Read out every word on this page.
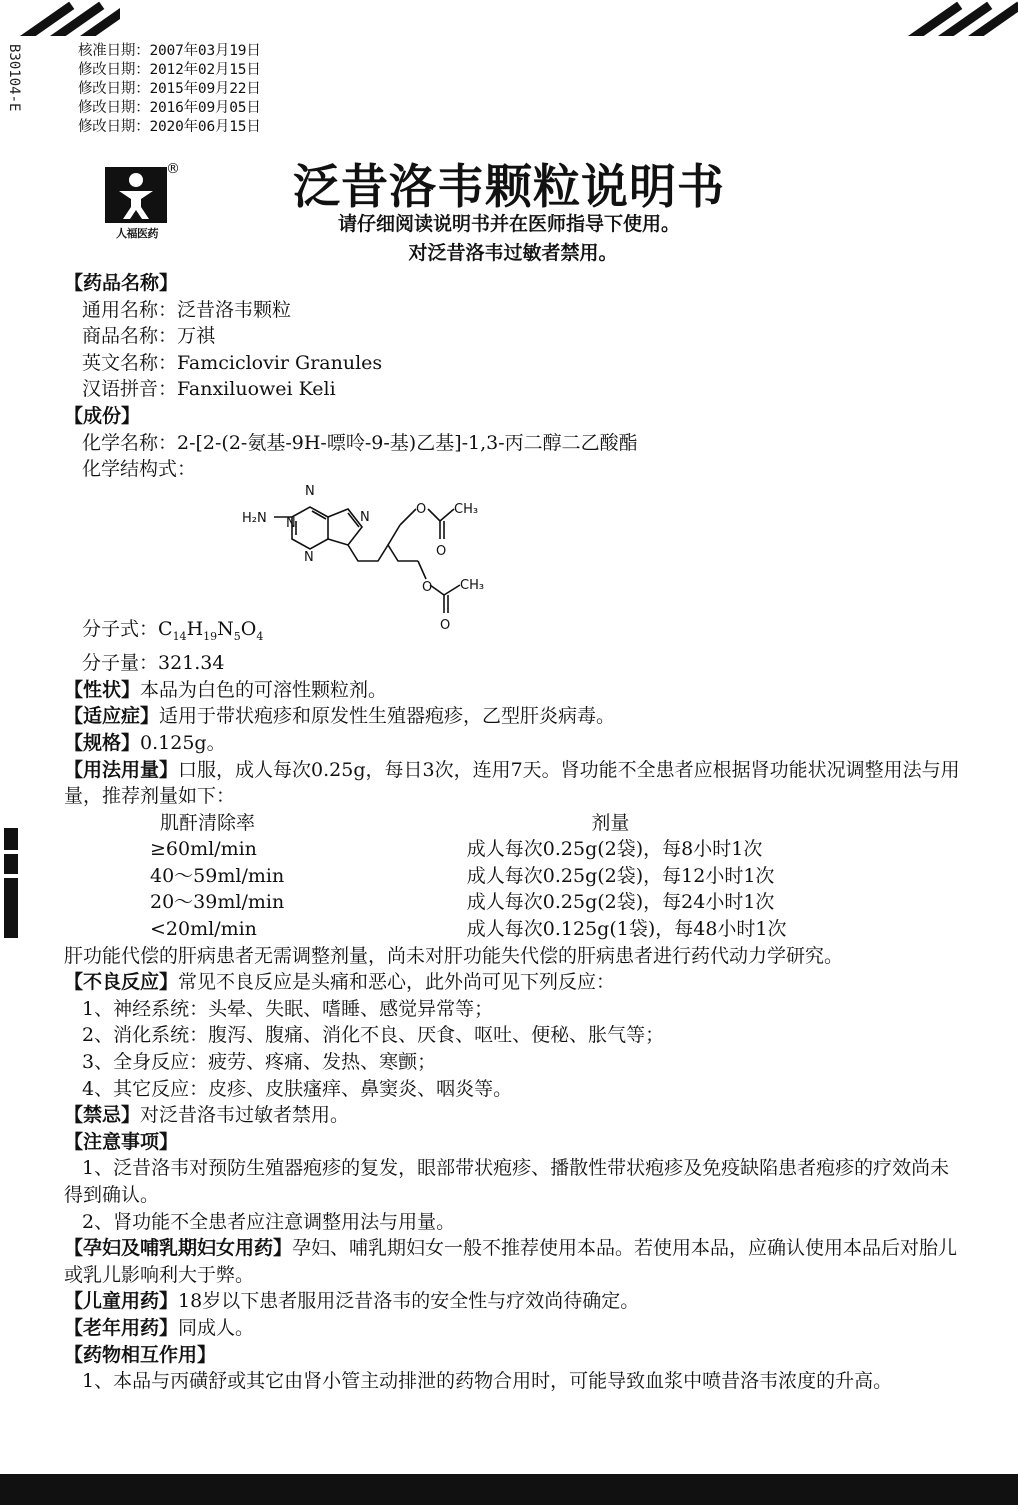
B30104-E	核准日期：2007年03月19日
修改日期：2012年02月15日
修改日期：2015年09月22日
修改日期：2016年09月05日
修改日期：2020年06月15日
人福医药
®	泛昔洛韦颗粒说明书
请仔细阅读说明书并在医师指导下使用。
对泛昔洛韦过敏者禁用。
【药品名称】
通用名称：泛昔洛韦颗粒
商品名称：万祺
英文名称：Famciclovir Granules
汉语拼音：Fanxiluowei Keli
【成份】
化学名称：2-[2-(2-氨基-9H-嘌呤-9-基)乙基]-1,3-丙二醇二乙酸酯
化学结构式：
分子式：$C_{14}H_{19}N_5O_4$
分子量：321.34
【性状】本品为白色的可溶性颗粒剂。
【适应症】适用于带状疱疹和原发性生殖器疱疹，乙型肝炎病毒。
【规格】0.125g。
【用法用量】口服，成人每次0.25g，每日3次，连用7天。肾功能不全患者应根据肾功能状况调整用法与用量，推荐剂量如下：
肌酐清除率	剂量
≥60ml/min	成人每次0.25g(2袋)，每8小时1次
40～59ml/min	成人每次0.25g(2袋)，每12小时1次
20～39ml/min	成人每次0.25g(2袋)，每24小时1次
<20ml/min	成人每次0.125g(1袋)，每48小时1次
肝功能代偿的肝病患者无需调整剂量，尚未对肝功能失代偿的肝病患者进行药代动力学研究。
【不良反应】常见不良反应是头痛和恶心，此外尚可见下列反应：
1、神经系统：头晕、失眠、嗜睡、感觉异常等；
2、消化系统：腹泻、腹痛、消化不良、厌食、呕吐、便秘、胀气等；
3、全身反应：疲劳、疼痛、发热、寒颤；
4、其它反应：皮疹、皮肤瘙痒、鼻窦炎、咽炎等。
【禁忌】对泛昔洛韦过敏者禁用。
【注意事项】
1、泛昔洛韦对预防生殖器疱疹的复发，眼部带状疱疹、播散性带状疱疹及免疫缺陷患者疱疹的疗效尚未得到确认。
2、肾功能不全患者应注意调整用法与用量。
【孕妇及哺乳期妇女用药】孕妇、哺乳期妇女一般不推荐使用本品。若使用本品，应确认使用本品后对胎儿或乳儿影响利大于弊。
【儿童用药】18岁以下患者服用泛昔洛韦的安全性与疗效尚待确定。
【老年用药】同成人。
【药物相互作用】
1、本品与丙磺舒或其它由肾小管主动排泄的药物合用时，可能导致血浆中喷昔洛韦浓度的升高。
N
N
N
N
H₂N
O
O
O
O
CH₃
CH₃
